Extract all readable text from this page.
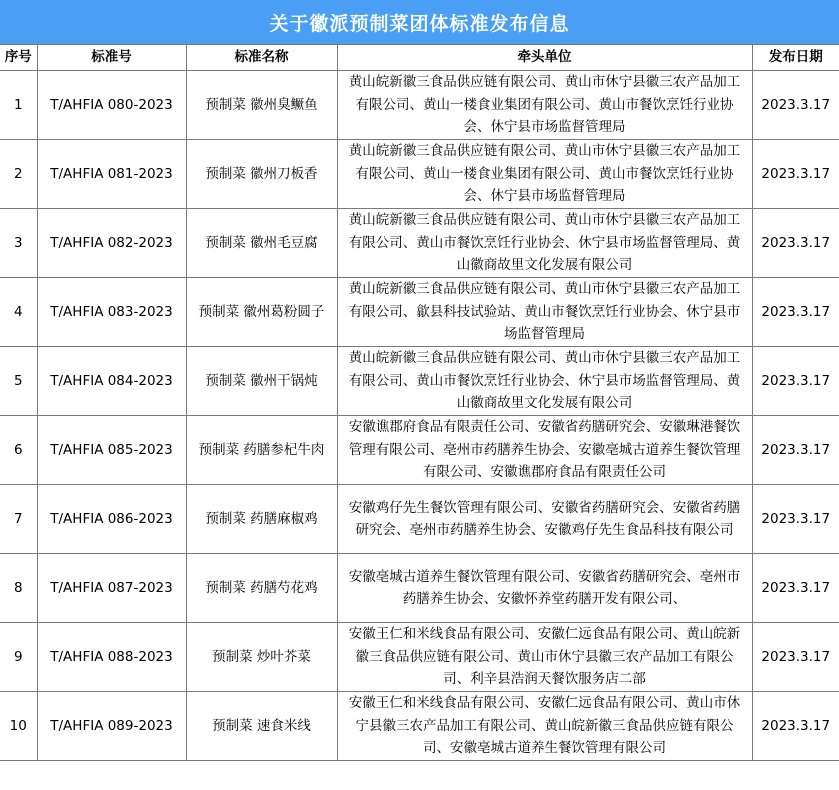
关于徽派预制菜团体标准发布信息
序号	标准号	标准名称	牵头单位	发布日期
1	T/AHFIA 080-2023	预制菜 徽州臭鳜鱼	黄山皖新徽三食品供应链有限公司、黄山市休宁县徽三农产品加工有限公司、黄山一楼食业集团有限公司、黄山市餐饮烹饪行业协会、休宁县市场监督管理局	2023.3.17
2	T/AHFIA 081-2023	预制菜 徽州刀板香	黄山皖新徽三食品供应链有限公司、黄山市休宁县徽三农产品加工有限公司、黄山一楼食业集团有限公司、黄山市餐饮烹饪行业协会、休宁县市场监督管理局	2023.3.17
3	T/AHFIA 082-2023	预制菜 徽州毛豆腐	黄山皖新徽三食品供应链有限公司、黄山市休宁县徽三农产品加工有限公司、黄山市餐饮烹饪行业协会、休宁县市场监督管理局、黄山徽商故里文化发展有限公司	2023.3.17
4	T/AHFIA 083-2023	预制菜 徽州葛粉圆子	黄山皖新徽三食品供应链有限公司、黄山市休宁县徽三农产品加工有限公司、歙县科技试验站、黄山市餐饮烹饪行业协会、休宁县市场监督管理局	2023.3.17
5	T/AHFIA 084-2023	预制菜 徽州干锅炖	黄山皖新徽三食品供应链有限公司、黄山市休宁县徽三农产品加工有限公司、黄山市餐饮烹饪行业协会、休宁县市场监督管理局、黄山徽商故里文化发展有限公司	2023.3.17
6	T/AHFIA 085-2023	预制菜 药膳参杞牛肉	安徽谯郡府食品有限责任公司、安徽省药膳研究会、安徽琳港餐饮管理有限公司、亳州市药膳养生协会、安徽亳城古道养生餐饮管理有限公司、安徽谯郡府食品有限责任公司	2023.3.17
7	T/AHFIA 086-2023	预制菜 药膳麻椒鸡	安徽鸡仔先生餐饮管理有限公司、安徽省药膳研究会、安徽省药膳研究会、亳州市药膳养生协会、安徽鸡仔先生食品科技有限公司	2023.3.17
8	T/AHFIA 087-2023	预制菜 药膳芍花鸡	安徽亳城古道养生餐饮管理有限公司、安徽省药膳研究会、亳州市药膳养生协会、安徽怀养堂药膳开发有限公司、	2023.3.17
9	T/AHFIA 088-2023	预制菜 炒叶芥菜	安徽王仁和米线食品有限公司、安徽仁远食品有限公司、黄山皖新徽三食品供应链有限公司、黄山市休宁县徽三农产品加工有限公司、利辛县浩润天餐饮服务店二部	2023.3.17
10	T/AHFIA 089-2023	预制菜 速食米线	安徽王仁和米线食品有限公司、安徽仁远食品有限公司、黄山市休宁县徽三农产品加工有限公司、黄山皖新徽三食品供应链有限公司、安徽亳城古道养生餐饮管理有限公司	2023.3.17
